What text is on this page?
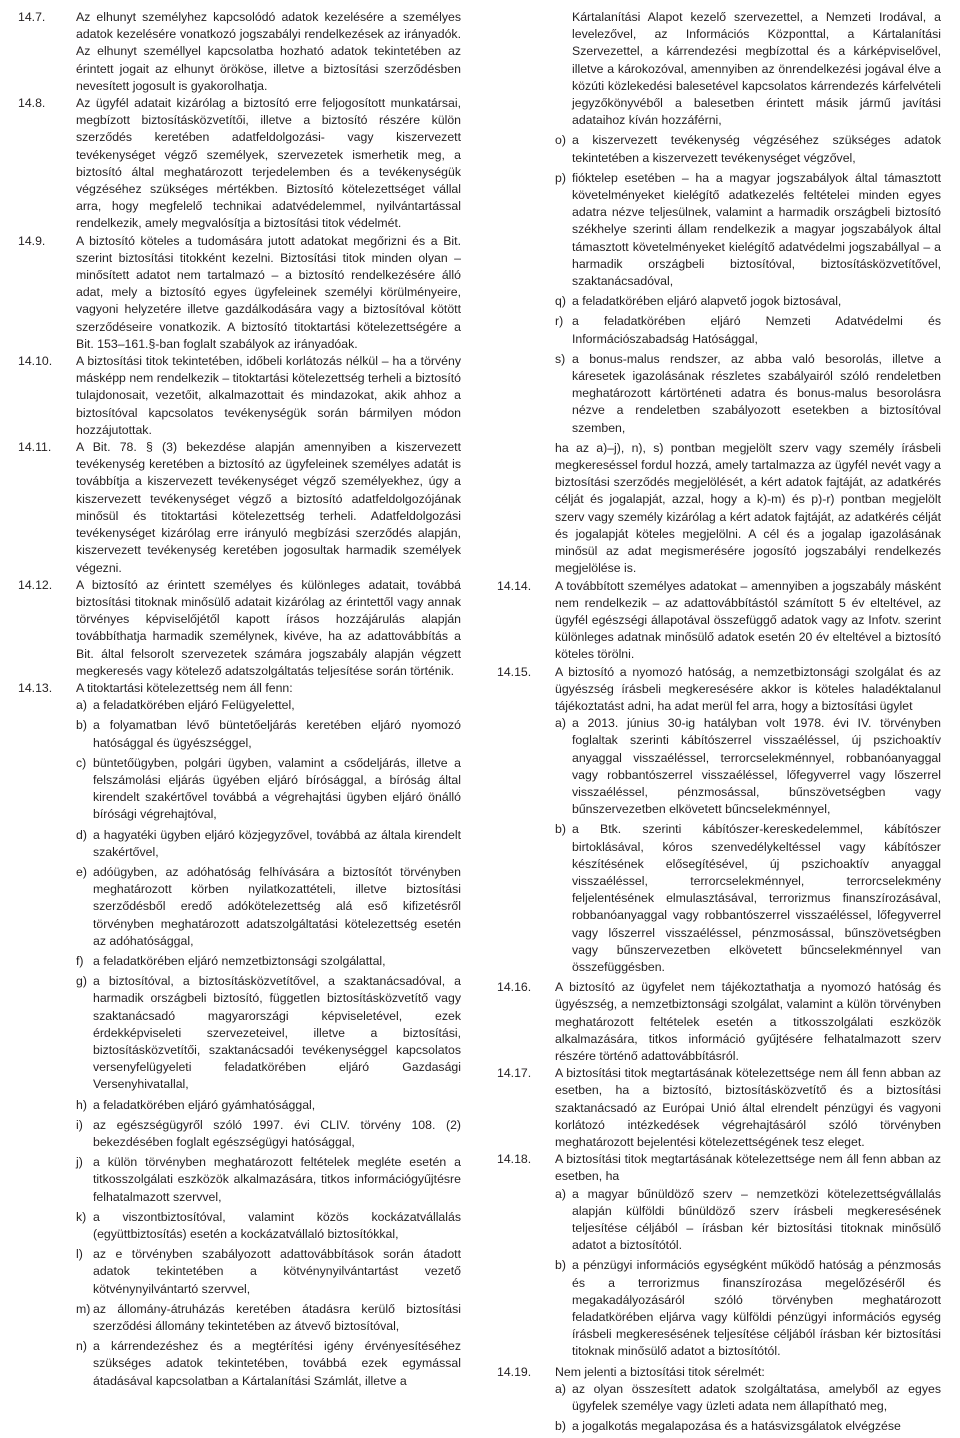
14.7.	Az elhunyt személyhez kapcsolódó adatok kezelésére a személyes adatok kezelésére vonatkozó jogszabályi rendelkezések az irányadók. Az elhunyt személlyel kapcsolatba hozható adatok tekintetében az érintett jogait az elhunyt örököse, illetve a biztosítási szerződésben nevesített jogosult is gyakorolhatja.

14.8.	Az ügyfél adatait kizárólag a biztosító erre feljogosított munkatársai, megbízott biztosításközvetítői, illetve a biztosító részére külön szerződés keretében adatfeldolgozási- vagy kiszervezett tevékenységet végző személyek, szervezetek ismerhetik meg, a biztosító által meghatározott terjedelemben és a tevékenységük végzéséhez szükséges mértékben. Biztosító kötelezettséget vállal arra, hogy megfelelő technikai adatvédelemmel, nyilvántartással rendelkezik, amely megvalósítja a biztosítási titok védelmét.

14.9.	A biztosító köteles a tudomására jutott adatokat megőrizni és a Bit. szerint biztosítási titokként kezelni. Biztosítási titok minden olyan – minősített adatot nem tartalmazó – a biztosító rendelkezésére álló adat, mely a biztosító egyes ügyfeleinek személyi körülményeire, vagyoni helyzetére illetve gazdálkodására vagy a biztosítóval kötött szerződéseire vonatkozik. A biztosító titoktartási kötelezettségére a Bit. 153–161.§-ban foglalt szabályok az irányadóak.

14.10.	A biztosítási titok tekintetében, időbeli korlátozás nélkül – ha a törvény másképp nem rendelkezik – titoktartási kötelezettség terheli a biztosító tulajdonosait, vezetőit, alkalmazottait és mindazokat, akik ahhoz a biztosítóval kapcsolatos tevékenységük során bármilyen módon hozzájutottak.

14.11.	A Bit. 78. § (3) bekezdése alapján amennyiben a kiszervezett tevékenység keretében a biztosító az ügyfeleinek személyes adatát is továbbítja a kiszervezett tevékenységet végző személyekhez, úgy a kiszervezett tevékenységet végző a biztosító adatfeldolgozójának minősül és titoktartási kötelezettség terheli. Adatfeldolgozási tevékenységet kizárólag erre irányuló megbízási szerződés alapján, kiszervezett tevékenység keretében jogosultak harmadik személyek végezni.

14.12.	A biztosító az érintett személyes és különleges adatait, továbbá biztosítási titoknak minősülő adatait kizárólag az érintettől vagy annak törvényes képviselőjétől kapott írásos hozzájárulás alapján továbbíthatja harmadik személynek, kivéve, ha az adattovábbítás a Bit. által felsorolt szervezetek számára jogszabály alapján végzett megkeresés vagy kötelező adatszolgáltatás teljesítése során történik.

14.13.	A titoktartási kötelezettség nem áll fenn:

a) a feladatkörében eljáró Felügyelettel,
b) a folyamatban lévő büntetőeljárás keretében eljáró nyomozó hatósággal és ügyészséggel,
c) büntetőügyben, polgári ügyben, valamint a csődeljárás, illetve a felszámolási eljárás ügyében eljáró bírósággal, a bíróság által kirendelt szakértővel továbbá a végrehajtási ügyben eljáró önálló bírósági végrehajtóval,
d) a hagyatéki ügyben eljáró közjegyzővel, továbbá az általa kirendelt szakértővel,
e) adóügyben, az adóhatóság felhívására a biztosítót törvényben meghatározott körben nyilatkozattételi, illetve biztosítási szerződésből eredő adókötelezettség alá eső kifizetésről törvényben meghatározott adatszolgáltatási kötelezettség esetén az adóhatósággal,
f) a feladatkörében eljáró nemzetbiztonsági szolgálattal,
g) a biztosítóval, a biztosításközvetítővel, a szaktanácsadóval, a harmadik országbeli biztosító, független biztosításközvetítő vagy szaktanácsadó magyarországi képviseletével, ezek érdekképviseleti szervezeteivel, illetve a biztosítási, biztosításközvetítői, szaktanácsadói tevékenységgel kapcsolatos versenyfelügyeleti feladatkörében eljáró Gazdasági Versenyhivatallal,
h) a feladatkörében eljáró gyámhatósággal,
i) az egészségügyről szóló 1997. évi CLIV. törvény 108. (2) bekezdésében foglalt egészségügyi hatósággal,
j) a külön törvényben meghatározott feltételek megléte esetén a titkosszolgálati eszközök alkalmazására, titkos információgyűjtésre felhatalmazott szervvel,
k) a viszontbiztosítóval, valamint közös kockázatvállalás (együttbiztosítás) esetén a kockázatvállaló biztosítókkal,
l) az e törvényben szabályozott adattovábbítások során átadott adatok tekintetében a kötvénynyilvántartást vezető kötvénynyilvántartó szervvel,
m) az állomány-átruházás keretében átadásra kerülő biztosítási szerződési állomány tekintetében az átvevő biztosítóval,
n) a kárrendezéshez és a megtérítési igény érvényesítéséhez szükséges adatok tekintetében, továbbá ezek egymással átadásával kapcsolatban a Kártalanítási Számlát, illetve a

Kártalanítási Alapot kezelő szervezettel, a Nemzeti Irodával, a levelezővel, az Információs Központtal, a Kártalanítási Szervezettel, a kárrendezési megbízottal és a kárképviselővel, illetve a károkozóval, amennyiben az önrendelkezési jogával élve a közúti közlekedési balesetével kapcsolatos kárrendezés kárfelvételi jegyzőkönyvéből a balesetben érintett másik jármű javítási adataihoz kíván hozzáférni,

o) a kiszervezett tevékenység végzéséhez szükséges adatok tekintetében a kiszervezett tevékenységet végzővel,
p) fióktelep esetében – ha a magyar jogszabályok által támasztott követelményeket kielégítő adatkezelés feltételei minden egyes adatra nézve teljesülnek, valamint a harmadik országbeli biztosító székhelye szerinti állam rendelkezik a magyar jogszabályok által támasztott követelményeket kielégítő adatvédelmi jogszabállyal – a harmadik országbeli biztosítóval, biztosításközvetítővel, szaktanácsadóval,
q) a feladatkörében eljáró alapvető jogok biztosával,
r) a feladatkörében eljáró Nemzeti Adatvédelmi és Információszabadság Hatósággal,
s) a bonus-malus rendszer, az abba való besorolás, illetve a káresetek igazolásának részletes szabályairól szóló rendeletben meghatározott kártörténeti adatra és bonus-malus besorolásra nézve a rendeletben szabályozott esetekben a biztosítóval szemben,

ha az a)–j), n), s) pontban megjelölt szerv vagy személy írásbeli megkereséssel fordul hozzá, amely tartalmazza az ügyfél nevét vagy a biztosítási szerződés megjelölését, a kért adatok fajtáját, az adatkérés célját és jogalapját, azzal, hogy a k)-m) és p)-r) pontban megjelölt szerv vagy személy kizárólag a kért adatok fajtáját, az adatkérés célját és jogalapját köteles megjelölni. A cél és a jogalap igazolásának minősül az adat megismerésére jogosító jogszabályi rendelkezés megjelölése is.

14.14.	A továbbított személyes adatokat – amennyiben a jogszabály másként nem rendelkezik – az adattovábbítástól számított 5 év elteltével, az ügyfél egészségi állapotával összefüggő adatok vagy az Infotv. szerint különleges adatnak minősülő adatok esetén 20 év elteltével a biztosító köteles törölni.

14.15.	A biztosító a nyomozó hatóság, a nemzetbiztonsági szolgálat és az ügyészség írásbeli megkeresésére akkor is köteles haladéktalanul tájékoztatást adni, ha adat merül fel arra, hogy a biztosítási ügylet

a) a 2013. június 30-ig hatályban volt 1978. évi IV. törvényben foglaltak szerinti kábítószerrel visszaéléssel, új pszichoaktív anyaggal visszaéléssel, terrorcselekménnyel, robbanóanyaggal vagy robbantószerrel visszaéléssel, lőfegyverrel vagy lőszerrel visszaéléssel, pénzmosással, bűnszövetségben vagy bűnszervezetben elkövetett bűncselekménnyel,
b) a Btk. szerinti kábítószer-kereskedelemmel, kábítószer birtoklásával, kóros szenvedélykeltéssel vagy kábítószer készítésének elősegítésével, új pszichoaktív anyaggal visszaéléssel, terrorcselekménnyel, terrorcselekmény feljelentésének elmulasztásával, terrorizmus finanszírozásával, robbanóanyaggal vagy robbantószerrel visszaéléssel, lőfegyverrel vagy lőszerrel visszaéléssel, pénzmosással, bűnszövetségben vagy bűnszervezetben elkövetett bűncselekménnyel van összefüggésben.
14.16.	A biztosító az ügyfelet nem tájékoztathatja a nyomozó hatóság és ügyészség, a nemzetbiztonsági szolgálat, valamint a külön törvényben meghatározott feltételek esetén a titkosszolgálati eszközök alkalmazására, titkos információ gyűjtésére felhatalmazott szerv részére történő adattovábbításról.

14.17.	A biztosítási titok megtartásának kötelezettsége nem áll fenn abban az esetben, ha a biztosító, biztosításközvetítő és a biztosítási szaktanácsadó az Európai Unió által elrendelt pénzügyi és vagyoni korlátozó intézkedések végrehajtásáról szóló törvényben meghatározott bejelentési kötelezettségének tesz eleget.

14.18.	A biztosítási titok megtartásának kötelezettsége nem áll fenn abban az esetben, ha

a) a magyar bűnüldöző szerv – nemzetközi kötelezettségvállalás alapján külföldi bűnüldöző szerv írásbeli megkeresésének teljesítése céljából – írásban kér biztosítási titoknak minősülő adatot a biztosítótól.
b) a pénzügyi információs egységként működő hatóság a pénzmosás és a terrorizmus finanszírozása megelőzéséről és megakadályozásáról szóló törvényben meghatározott feladatkörében eljárva vagy külföldi pénzügyi információs egység írásbeli megkeresésének teljesítése céljából írásban kér biztosítási titoknak minősülő adatot a biztosítótól.
14.19.	Nem jelenti a biztosítási titok sérelmét:

a) az olyan összesített adatok szolgáltatása, amelyből az egyes ügyfelek személye vagy üzleti adata nem állapítható meg,
b) a jogalkotás megalapozása és a hatásvizsgálatok elvégzése
